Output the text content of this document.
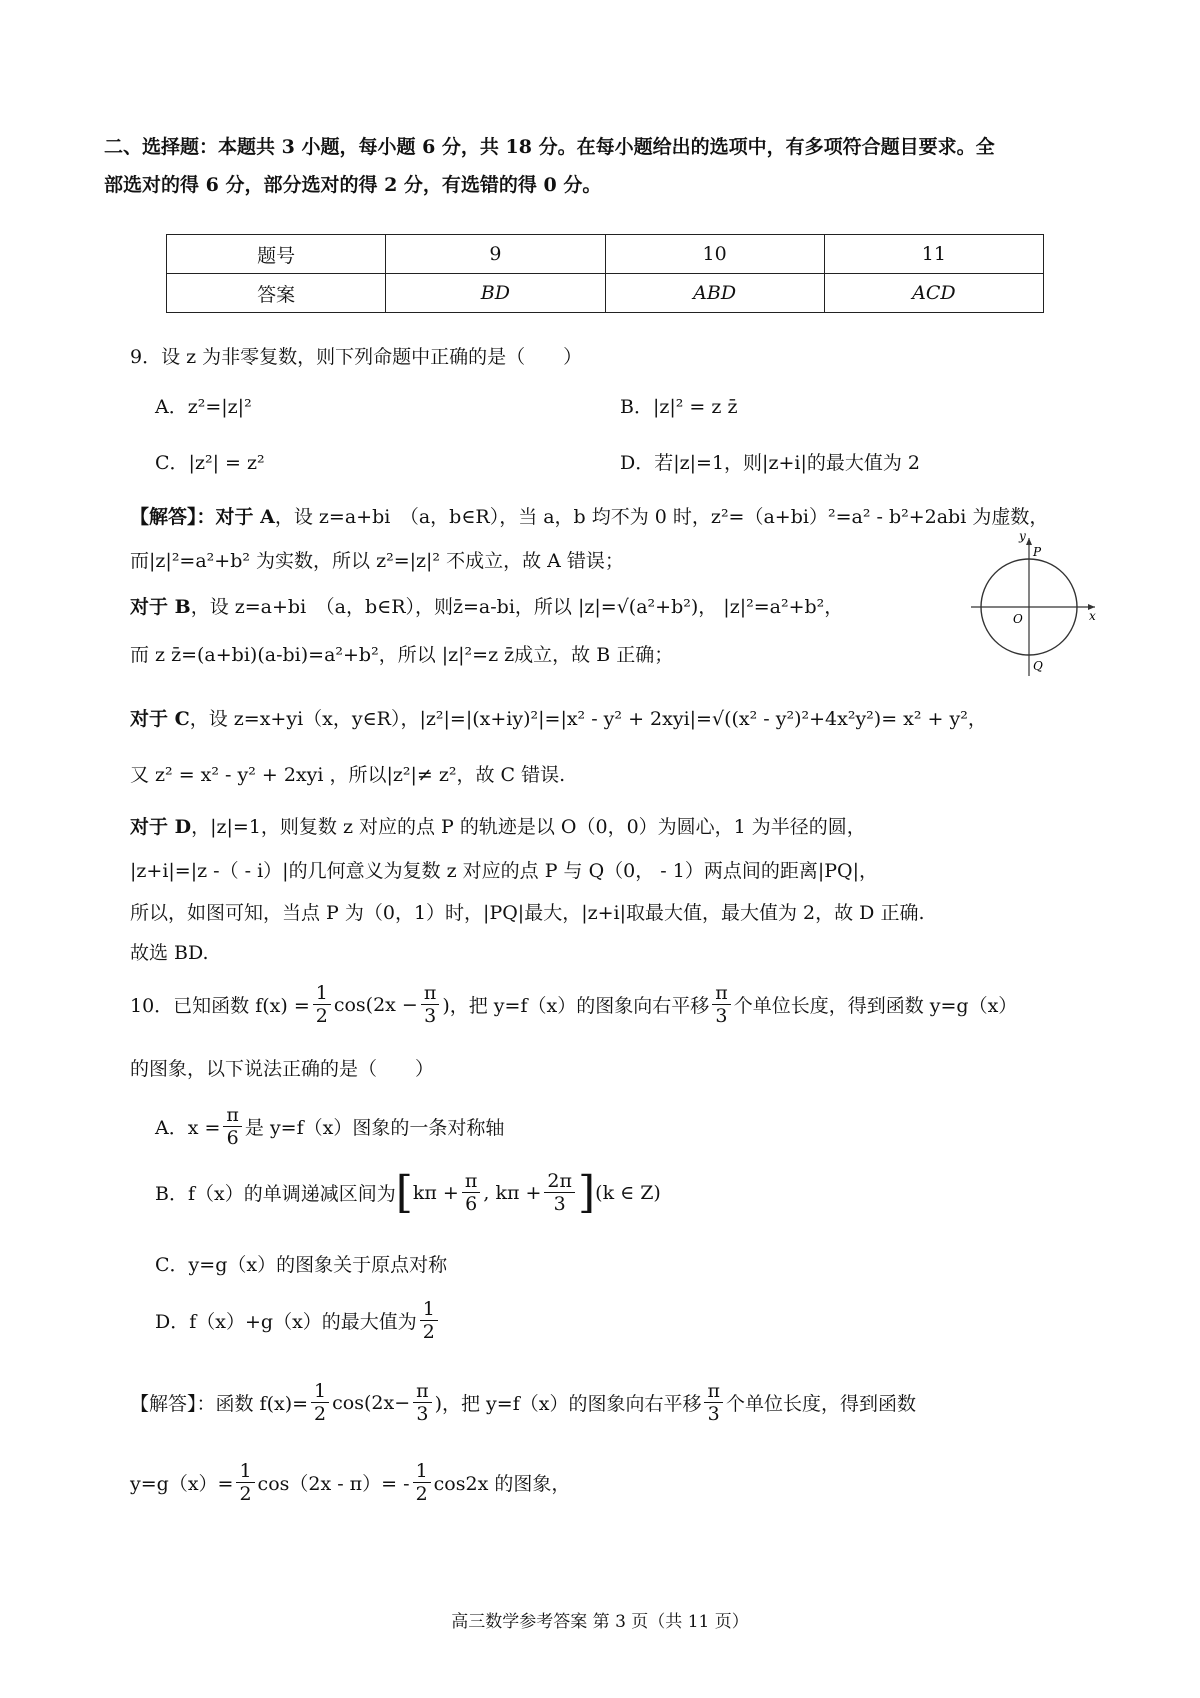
二、选择题：本题共 3 小题，每小题 6 分，共 18 分。在每小题给出的选项中，有多项符合题目要求。全
部选对的得 6 分，部分选对的得 2 分，有选错的得 0 分。
题号	9	10	11
答案	BD	ABD	ACD
9．设 z 为非零复数，则下列命题中正确的是（　　）
A．z²=|z|²	B．|z|² = z z̄
C．|z²| = z²	D．若|z|=1，则|z+i|的最大值为 2
【解答】：对于 A，设 z=a+bi　（a，b∈R），当 a，b 均不为 0 时，z²=（a+bi）²=a² - b²+2abi 为虚数，
而|z|²=a²+b² 为实数，所以 z²=|z|² 不成立，故 A 错误；
对于 B，设 z=a+bi　（a，b∈R），则z̄=a-bi，所以 |z|=√(a²+b²)， |z|²=a²+b²，
而 z z̄=(a+bi)(a-bi)=a²+b²，所以 |z|²=z z̄成立，故 B 正确；
对于 C，设 z=x+yi（x，y∈R），|z²|=|(x+iy)²|=|x² - y² + 2xyi|=√((x² - y²)²+4x²y²)= x² + y²，
又 z² = x² - y² + 2xyi ，所以|z²|≠ z²，故 C 错误.
对于 D，|z|=1，则复数 z 对应的点 P 的轨迹是以 O（0，0）为圆心，1 为半径的圆，
|z+i|=|z -（ - i）|的几何意义为复数 z 对应的点 P 与 Q（0， - 1）两点间的距离|PQ|，
所以，如图可知，当点 P 为（0，1）时，|PQ|最大，|z+i|取最大值，最大值为 2，故 D 正确.
故选 BD.
y
x
P
O
Q
10．已知函数 $f(x) = \frac{1}{2} \cos(2x - \frac{\pi}{3}$ )，把 y=f（x）的图象向右平移 $\frac{\pi}{3}$ 个单位长度，得到函数 y=g（x）
的图象，以下说法正确的是（　　）
A．$x = \frac{\pi}{6}$ 是 y=f（x）图象的一条对称轴
B．f（x）的单调递减区间为 [ $k\pi + \frac{\pi}{6}$ , $k\pi + \frac{2\pi}{3}$ ] (k ∈ Z)
C．y=g（x）的图象关于原点对称
D．f（x）+g（x）的最大值为 $\frac{1}{2}$
【解答】：函数 $f(x)= \frac{1}{2} \cos(2x- \frac{\pi}{3}$ )，把 y=f（x）的图象向右平移 $\frac{\pi}{3}$ 个单位长度，得到函数
$y=g(x)= \frac{1}{2} \cos(2x - \pi)= - \frac{1}{2} \cos 2x$ 的图象，
高三数学参考答案 第 3 页（共 11 页）
